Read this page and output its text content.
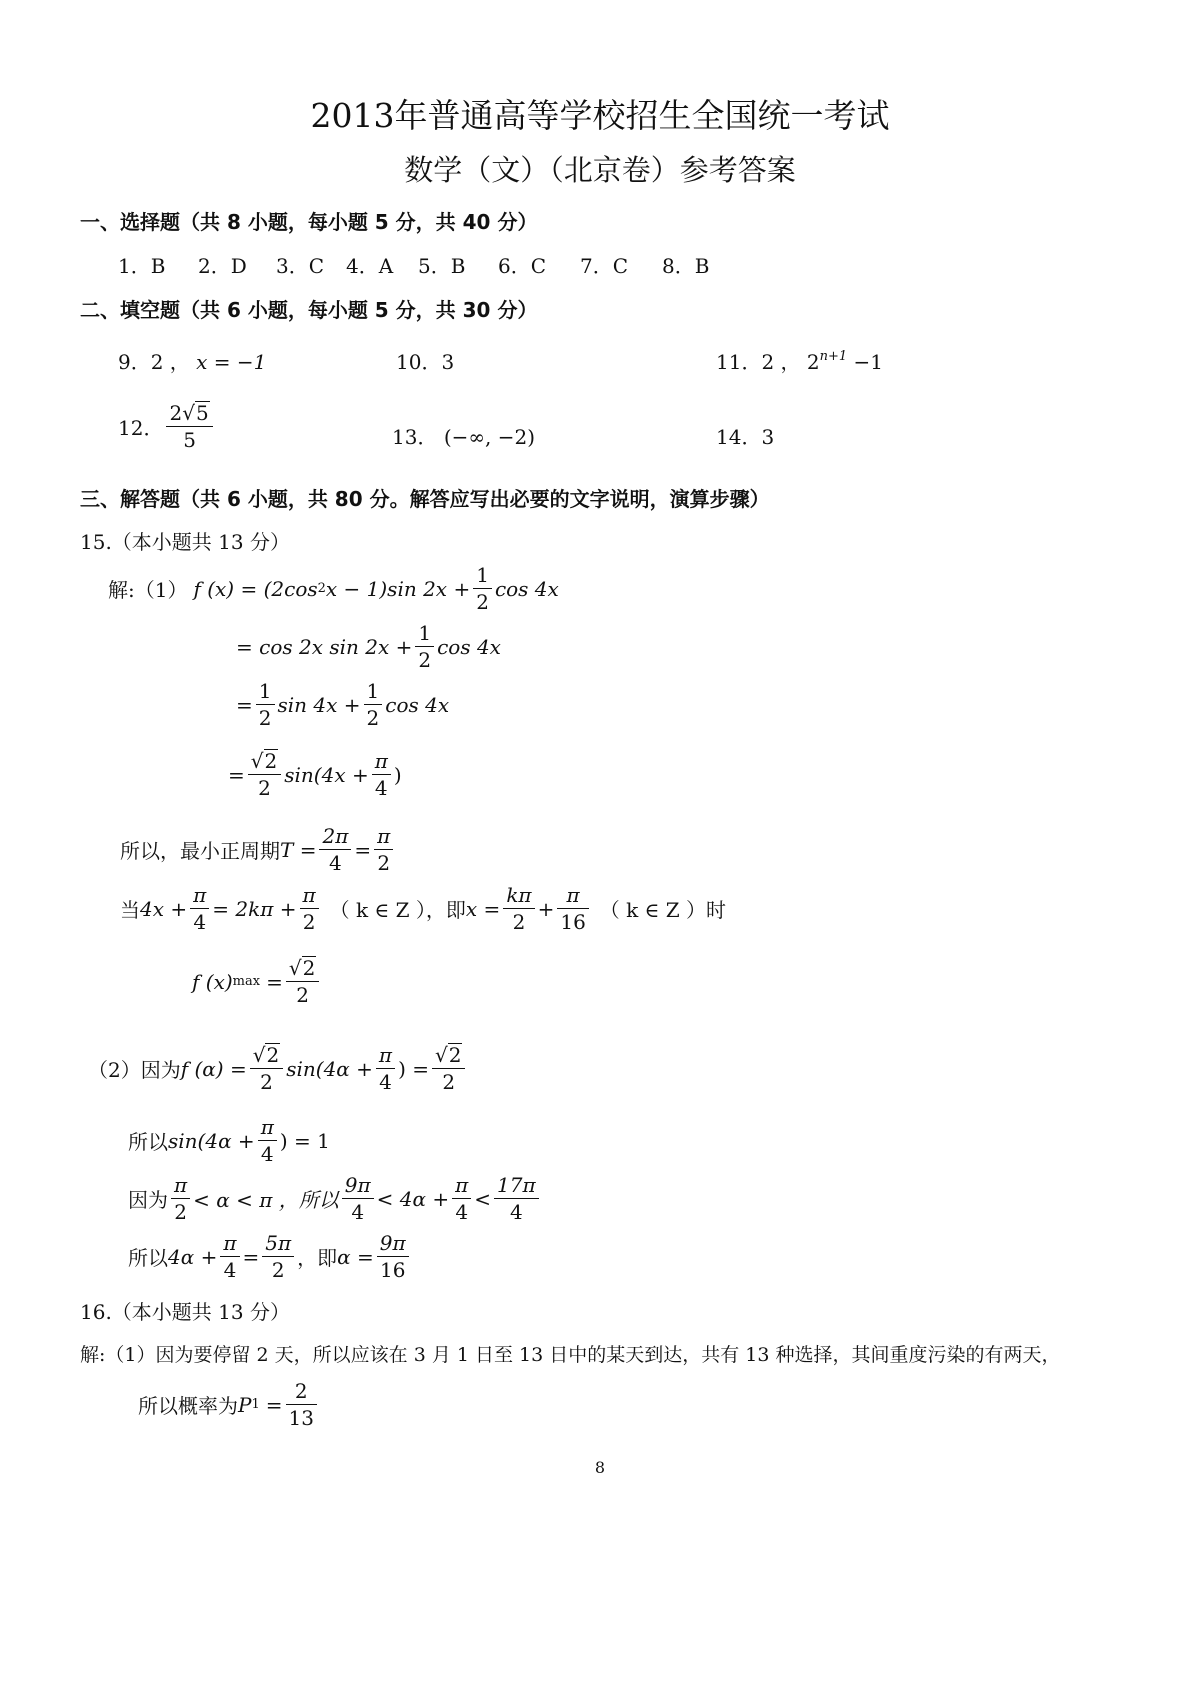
2013年普通高等学校招生全国统一考试
数学（文）（北京卷）参考答案
一、选择题（共 8 小题，每小题 5 分，共 40 分）
1．B	2．D	3．C	4．A	5．B	6．C	7．C	8．B
二、填空题（共 6 小题，每小题 5 分，共 30 分）
9．2 ， x = −1	10．3	11．2 ， $2^{n+1} -1$
12． $\frac{2√5}{5}$	13． (−∞, −2)	14．3
三、解答题（共 6 小题，共 80 分。解答应写出必要的文字说明，演算步骤）
15.（本小题共 13 分）
解:（1） f (x) = (2cos 2 x − 1)sin $2x + \frac{1}{2}$ cos 4x
= cos 2x $\sin 2x + \frac{1}{2}$ cos 4x
= $\frac{1}{2}$ $\sin 4x + \frac{1}{2}$ cos 4x
= $\frac{√2}{2} \sin(4x + \frac{\pi}{4}$ )
所以，最小正周期 $T = \frac{2\pi}{4} = \frac{\pi}{2}$
当 $4x + \frac{\pi}{4} = 2k\pi + \frac{\pi}{2}$ （ k ∈ Z ），即 $x = \frac{k\pi}{2} + \frac{\pi}{16}$ （ k ∈ Z ）时
f (x) $\max = \frac{√2}{2}$
（2）因为 f $(\alpha) = \frac{√2}{2} \sin(4\alpha + \frac{\pi}{4}$ ) = $\frac{√2}{2}$
所以 $\sin(4\alpha + \frac{\pi}{4}$ ) = 1
因为 $\frac{\pi}{2} < \alpha < \pi$ ，所以 $\frac{9\pi}{4} < 4\alpha + \frac{\pi}{4} < \frac{17\pi}{4}$
所以 $4\alpha + \frac{\pi}{4} = \frac{5\pi}{2}$ ，即 $\alpha = \frac{9\pi}{16}$
16.（本小题共 13 分）
解:（1）因为要停留 2 天，所以应该在 3 月 1 日至 13 日中的某天到达，共有 13 种选择，其间重度污染的有两天，
所以概率为 P $1 = \frac{2}{13}$
8
